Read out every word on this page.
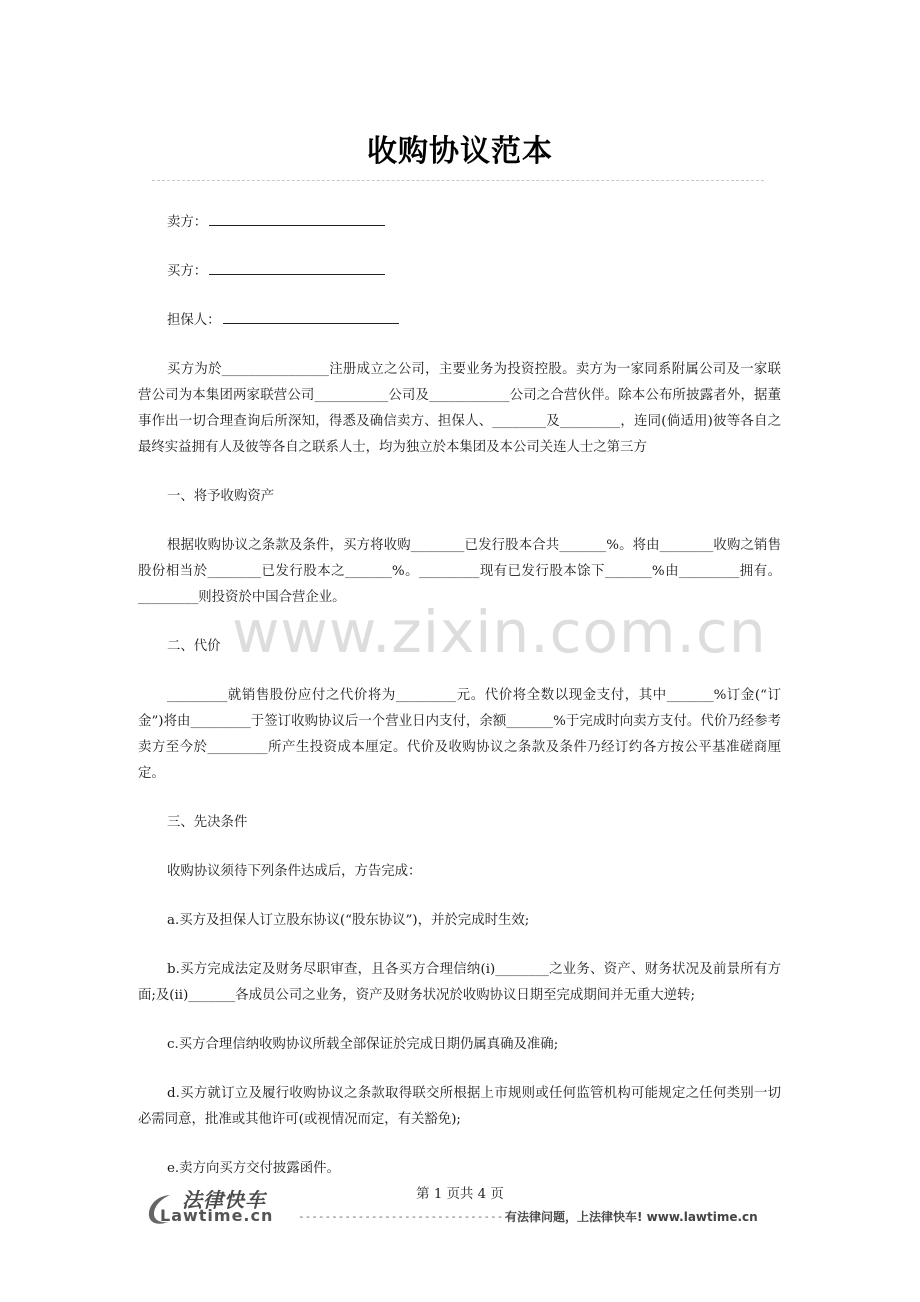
收购协议范本
卖方：
买方：
担保人：

买方为於________________注册成立之公司，主要业务为投资控股。卖方为一家同系附属公司及一家联营公司为本集团两家联营公司___________公司及____________公司之合营伙伴。除本公布所披露者外，据董事作出一切合理查询后所深知，得悉及确信卖方、担保人、________及_________，连同(倘适用)彼等各自之最终实益拥有人及彼等各自之联系人士，均为独立於本集团及本公司关连人士之第三方

一、将予收购资产

根据收购协议之条款及条件，买方将收购________已发行股本合共_______%。将由________收购之销售股份相当於________已发行股本之_______%。_________现有已发行股本馀下_______%由_________拥有。_________则投资於中国合营企业。

二、代价

_________就销售股份应付之代价将为_________元。代价将全数以现金支付，其中_______%订金(“订金”)将由_________于签订收购协议后一个营业日内支付，余额_______%于完成时向卖方支付。代价乃经参考卖方至今於_________所产生投资成本厘定。代价及收购协议之条款及条件乃经订约各方按公平基准磋商厘定。

三、先决条件

收购协议须待下列条件达成后，方告完成：

a.买方及担保人订立股东协议(“股东协议”)，并於完成时生效;

b.买方完成法定及财务尽职审查，且各买方合理信纳(i)________之业务、资产、财务状况及前景所有方面;及(ii)_______各成员公司之业务，资产及财务状况於收购协议日期至完成期间并无重大逆转;

c.买方合理信纳收购协议所载全部保证於完成日期仍属真确及准确;

d.买方就订立及履行收购协议之条款取得联交所根据上市规则或任何监管机构可能规定之任何类别一切必需同意，批准或其他许可(或视情况而定，有关豁免);

e.卖方向买方交付披露函件。

www.zixin.com.cn
第 1 页共 4 页
法律快车
Lawtime.cn -----------------------------------
有法律问题，上法律快车! www.lawtime.cn
